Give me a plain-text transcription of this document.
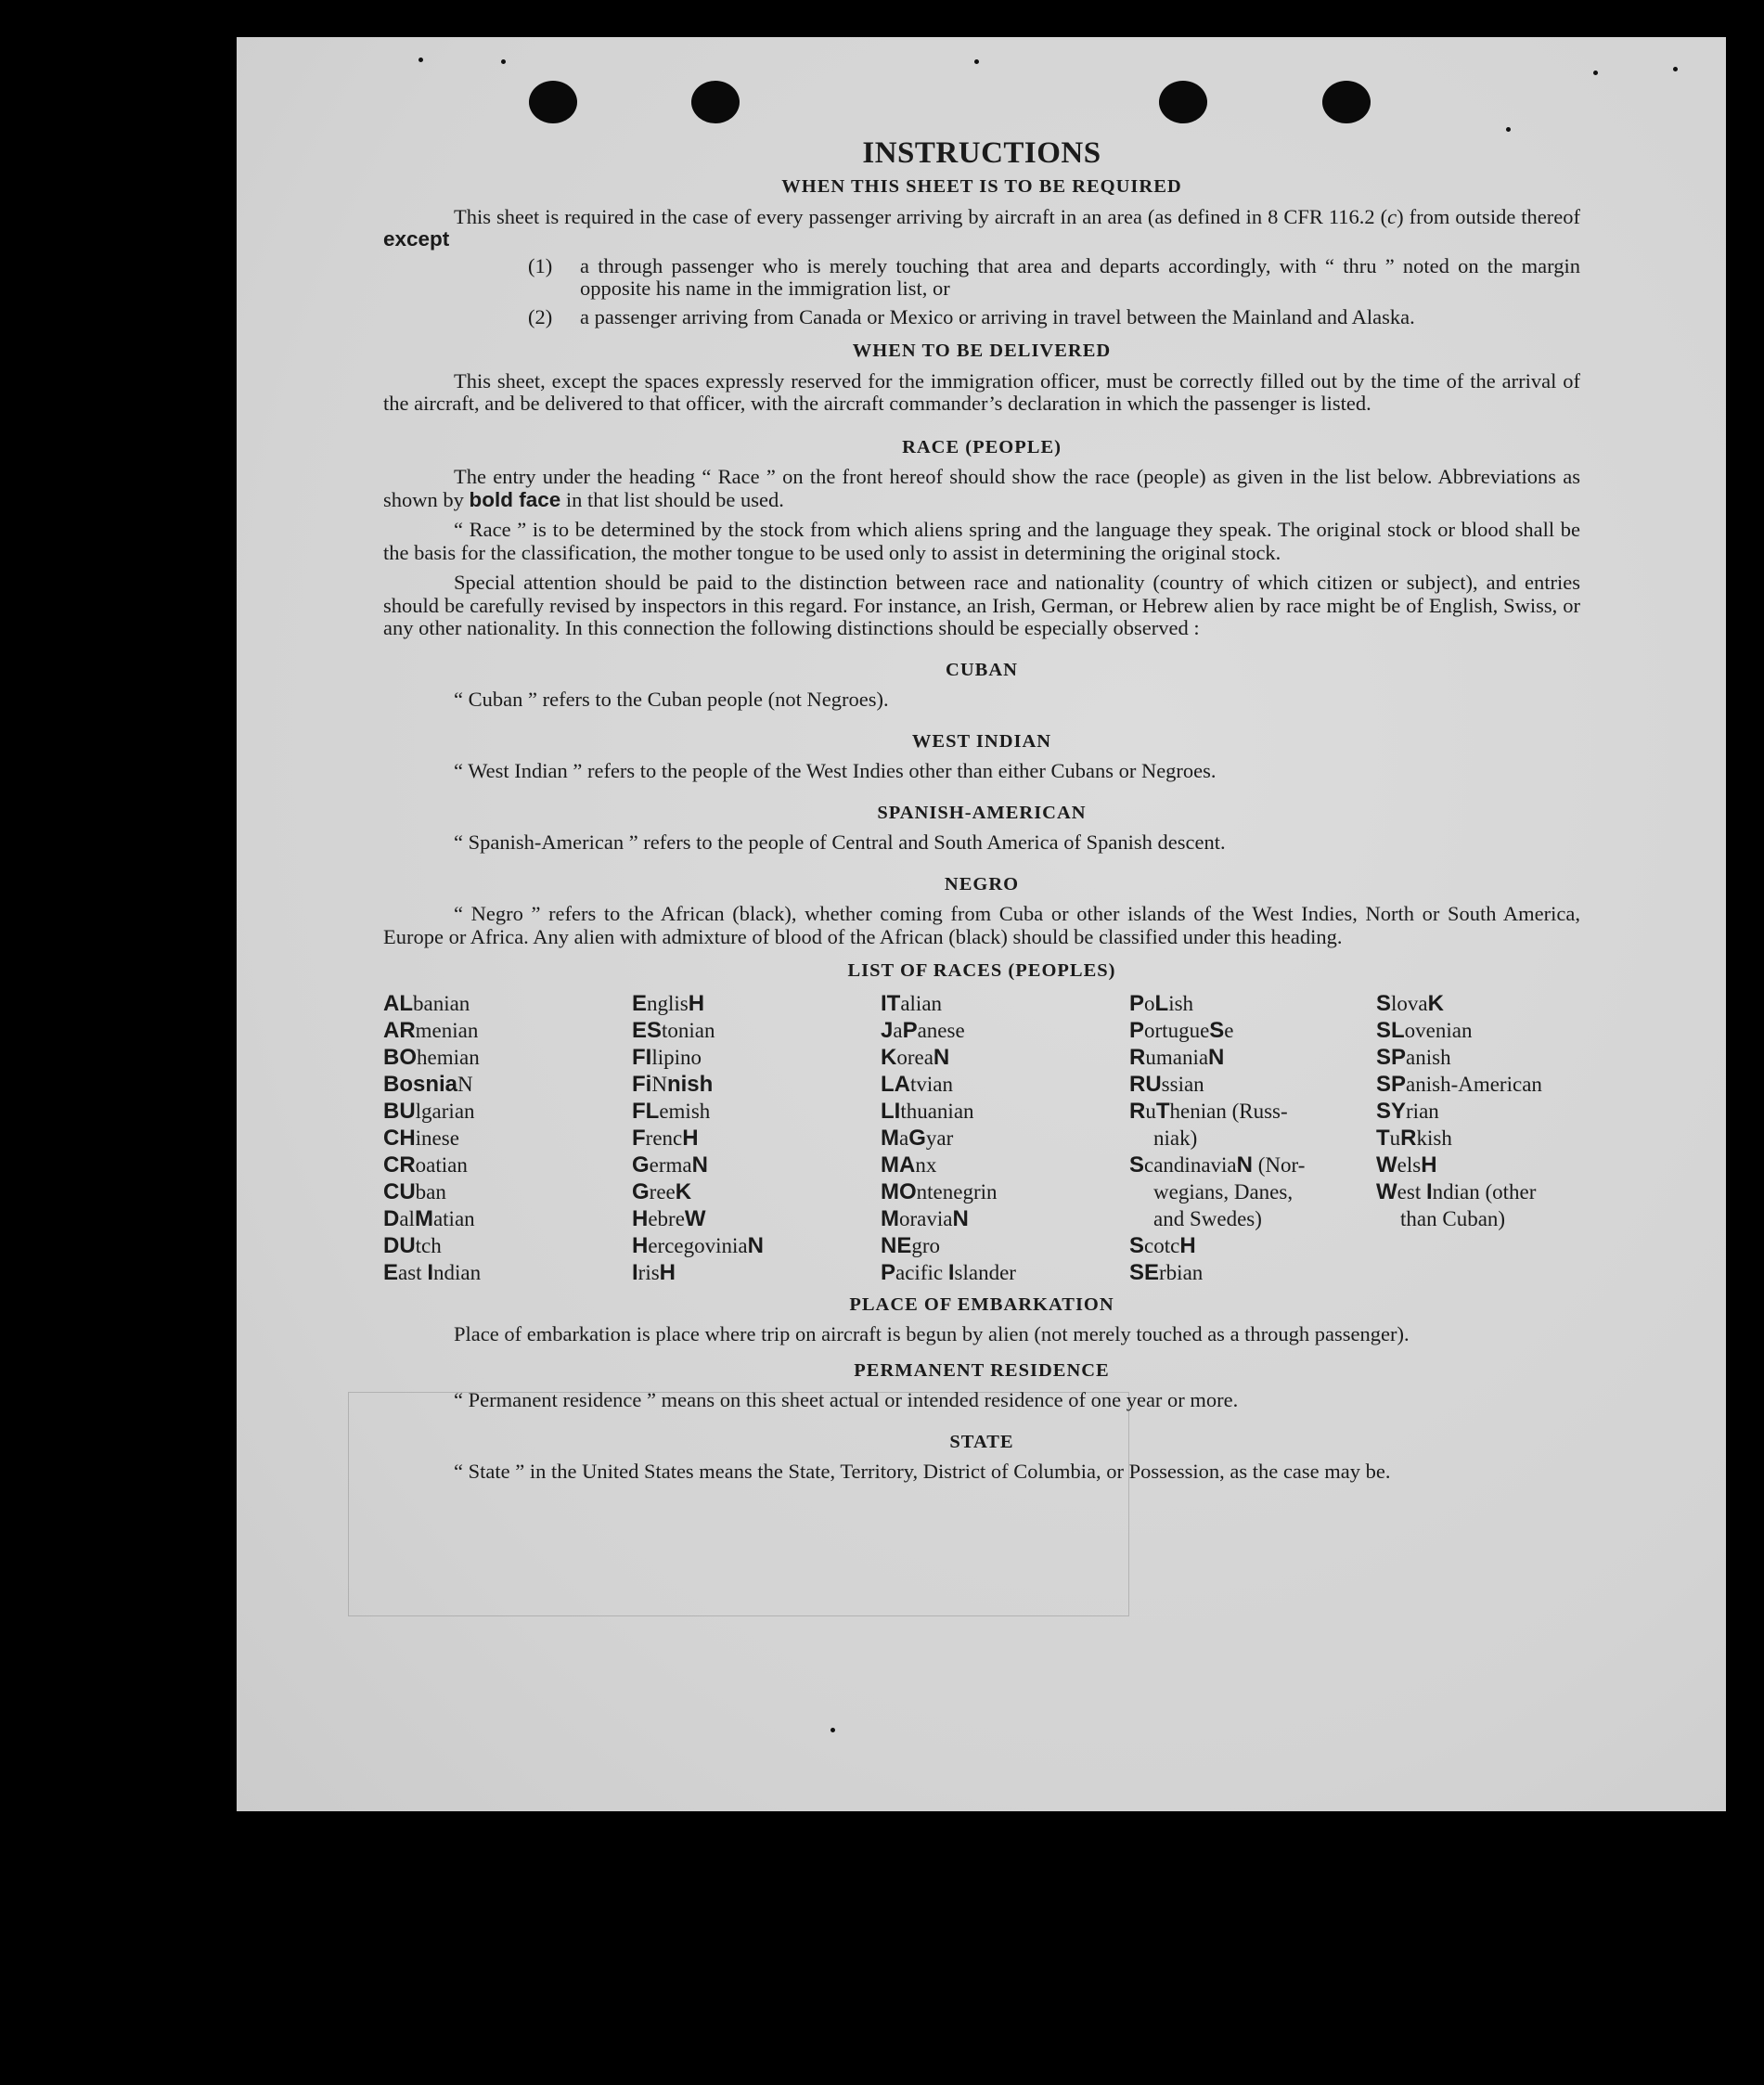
INSTRUCTIONS
WHEN THIS SHEET IS TO BE REQUIRED

This sheet is required in the case of every passenger arriving by aircraft in an area (as defined in 8 CFR 116.2 (c) from outside thereof except

(1)	a through passenger who is merely touching that area and departs accordingly, with “ thru ” noted on the margin opposite his name in the immigration list, or
(2)	a passenger arriving from Canada or Mexico or arriving in travel between the Mainland and Alaska.
WHEN TO BE DELIVERED

This sheet, except the spaces expressly reserved for the immigration officer, must be correctly filled out by the time of the arrival of the aircraft, and be delivered to that officer, with the aircraft commander’s declaration in which the passenger is listed.

RACE (PEOPLE)

The entry under the heading “ Race ” on the front hereof should show the race (people) as given in the list below. Abbreviations as shown by bold face in that list should be used.

“ Race ” is to be determined by the stock from which aliens spring and the language they speak. The original stock or blood shall be the basis for the classification, the mother tongue to be used only to assist in determining the original stock.

Special attention should be paid to the distinction between race and nationality (country of which citizen or subject), and entries should be carefully revised by inspectors in this regard. For instance, an Irish, German, or Hebrew alien by race might be of English, Swiss, or any other nationality. In this connection the following distinctions should be especially observed :

CUBAN

“ Cuban ” refers to the Cuban people (not Negroes).

WEST INDIAN

“ West Indian ” refers to the people of the West Indies other than either Cubans or Negroes.

SPANISH-AMERICAN

“ Spanish-American ” refers to the people of Central and South America of Spanish descent.

NEGRO

“ Negro ” refers to the African (black), whether coming from Cuba or other islands of the West Indies, North or South America, Europe or Africa. Any alien with admixture of blood of the African (black) should be classified under this heading.

LIST OF RACES (PEOPLES)
ALbanian
ARmenian
BOhemian
BosniaN
BUlgarian
CHinese
CRoatian
CUban
DalMatian
DUtch
East Indian
EnglisH
EStonian
FIlipino
FiNnish
FLemish
FrencH
GermaN
GreeK
HebreW
HercegoviniaN
IrisH
ITalian
JaPanese
KoreaN
LAtvian
LIthuanian
MaGyar
MAnx
MOntenegrin
MoraviaN
NEgro
Pacific Islander
PoLish
PortugueSe
RumaniaN
RUssian
RuThenian (Russ-
niak)
ScandinaviaN (Nor-
wegians, Danes,
and Swedes)
ScotcH
SErbian
SlovaK
SLovenian
SPanish
SPanish-American
SYrian
TuRkish
WelsH
West Indian (other
than Cuban)
PLACE OF EMBARKATION

Place of embarkation is place where trip on aircraft is begun by alien (not merely touched as a through passenger).

PERMANENT RESIDENCE

“ Permanent residence ” means on this sheet actual or intended residence of one year or more.

STATE

“ State ” in the United States means the State, Territory, District of Columbia, or Possession, as the case may be.
